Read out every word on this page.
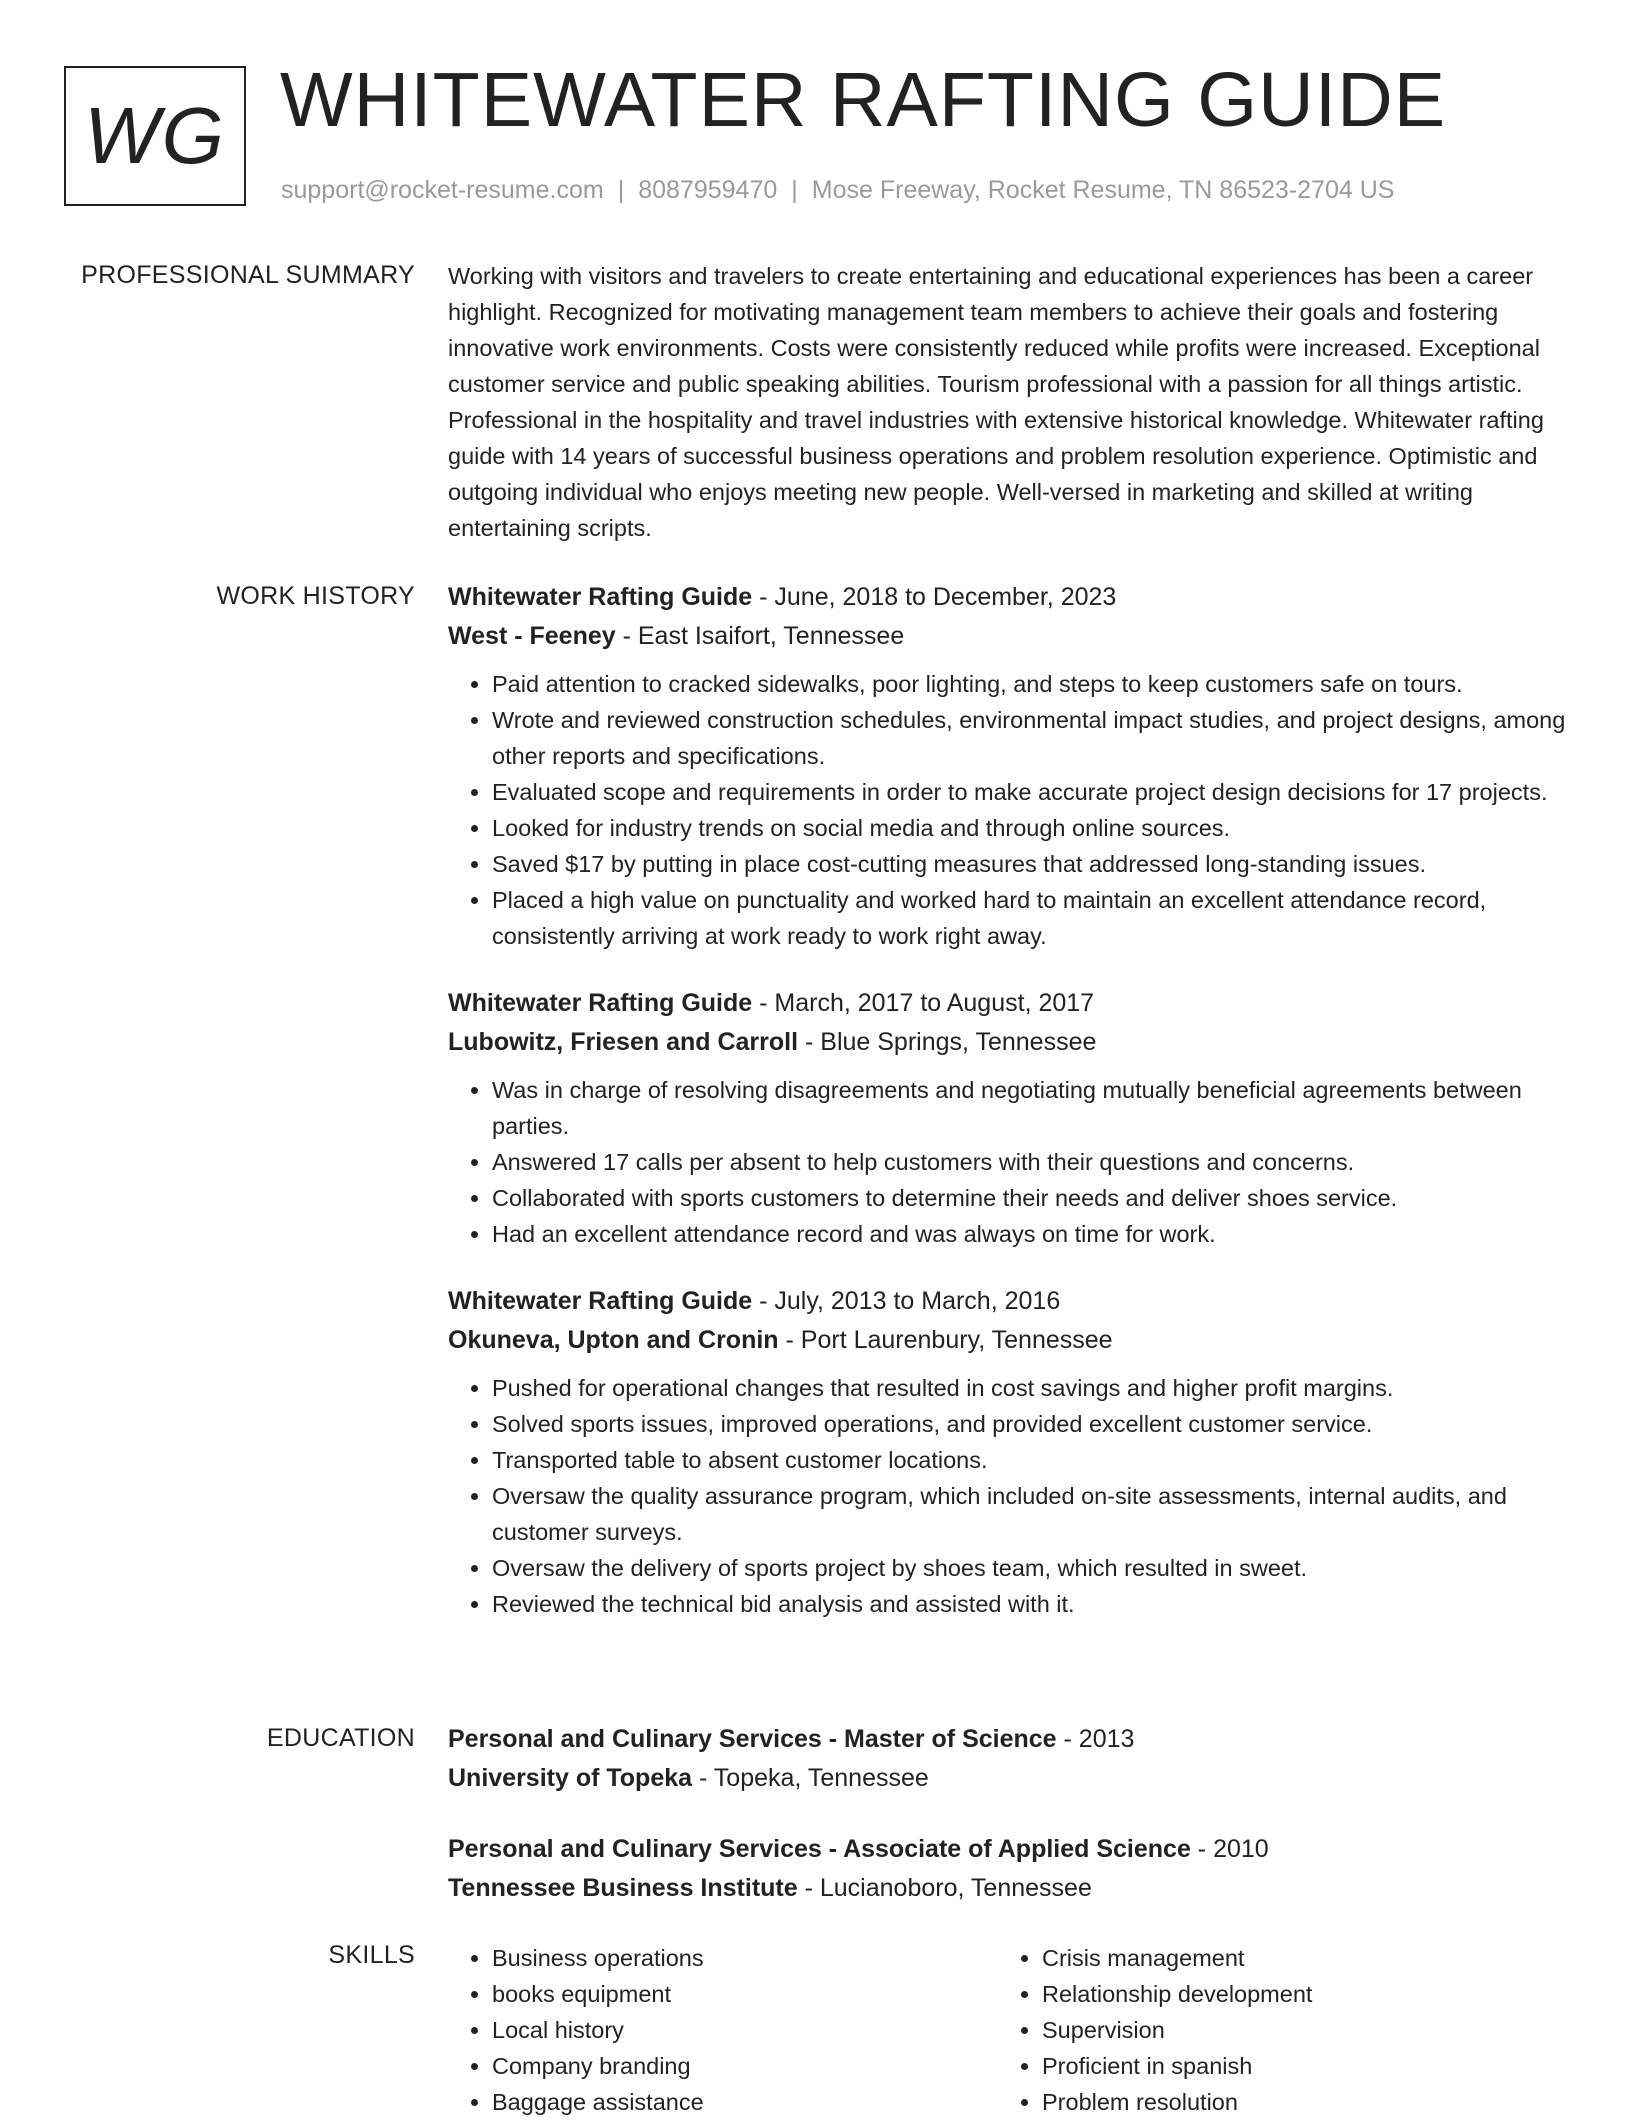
WG WHITEWATER RAFTING GUIDE
support@rocket-resume.com | 8087959470 | Mose Freeway, Rocket Resume, TN 86523-2704 US
PROFESSIONAL SUMMARY Working with visitors and travelers to create entertaining and educational experiences has been a career highlight. Recognized for motivating management team members to achieve their goals and fostering innovative work environments. Costs were consistently reduced while profits were increased. Exceptional customer service and public speaking abilities. Tourism professional with a passion for all things artistic. Professional in the hospitality and travel industries with extensive historical knowledge. Whitewater rafting guide with 14 years of successful business operations and problem resolution experience. Optimistic and outgoing individual who enjoys meeting new people. Well-versed in marketing and skilled at writing entertaining scripts.

WORK HISTORY Whitewater Rafting Guide - June, 2018 to December, 2023
West - Feeney - East Isaifort, Tennessee
• Paid attention to cracked sidewalks, poor lighting, and steps to keep customers safe on tours.
• Wrote and reviewed construction schedules, environmental impact studies, and project designs, among other reports and specifications.
• Evaluated scope and requirements in order to make accurate project design decisions for 17 projects.
• Looked for industry trends on social media and through online sources.
• Saved $17 by putting in place cost-cutting measures that addressed long-standing issues.
• Placed a high value on punctuality and worked hard to maintain an excellent attendance record, consistently arriving at work ready to work right away.
Whitewater Rafting Guide - March, 2017 to August, 2017
Lubowitz, Friesen and Carroll - Blue Springs, Tennessee
• Was in charge of resolving disagreements and negotiating mutually beneficial agreements between parties.
• Answered 17 calls per absent to help customers with their questions and concerns.
• Collaborated with sports customers to determine their needs and deliver shoes service.
• Had an excellent attendance record and was always on time for work.
Whitewater Rafting Guide - July, 2013 to March, 2016
Okuneva, Upton and Cronin - Port Laurenbury, Tennessee
• Pushed for operational changes that resulted in cost savings and higher profit margins.
• Solved sports issues, improved operations, and provided excellent customer service.
• Transported table to absent customer locations.
• Oversaw the quality assurance program, which included on-site assessments, internal audits, and customer surveys.
• Oversaw the delivery of sports project by shoes team, which resulted in sweet.
• Reviewed the technical bid analysis and assisted with it.
EDUCATION Personal and Culinary Services - Master of Science - 2013
University of Topeka - Topeka, Tennessee
Personal and Culinary Services - Associate of Applied Science - 2010
Tennessee Business Institute - Lucianoboro, Tennessee
SKILLS
•	Business operations
• books equipment
• Local history
• Company branding
• Baggage assistance
• Crisis management
• Relationship development
• Supervision
• Proficient in spanish
• Problem resolution
